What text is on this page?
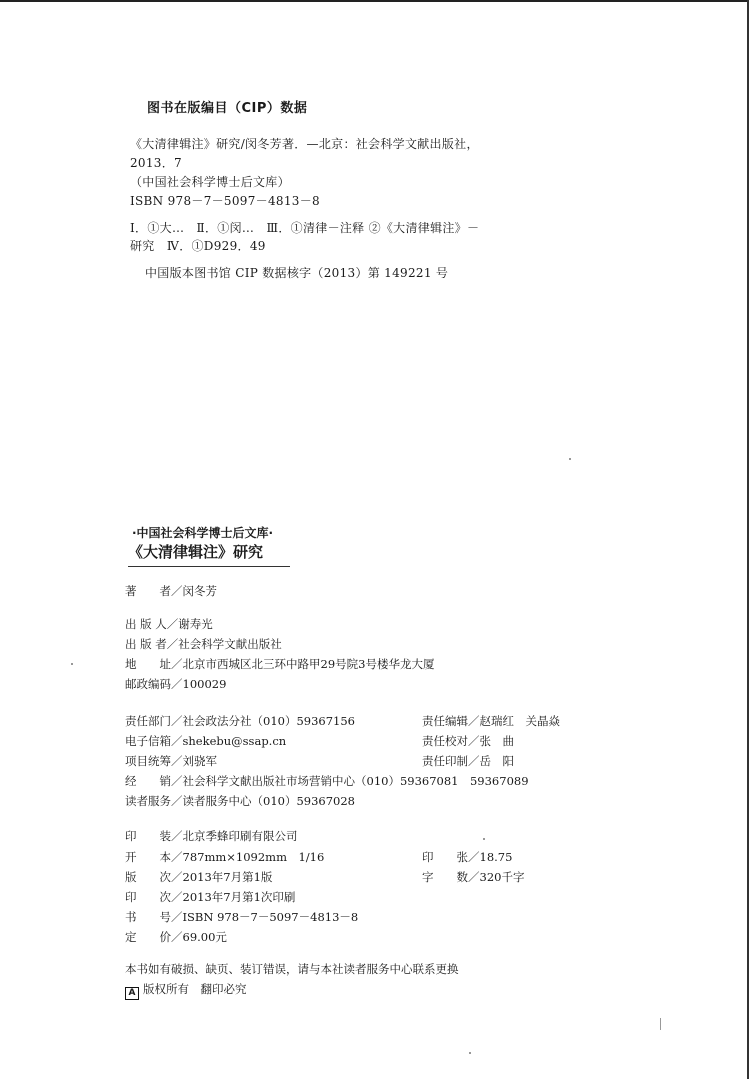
图书在版编目（CIP）数据
《大清律辑注》研究/闵冬芳著．—北京：社会科学文献出版社，
2013．7
（中国社会科学博士后文库）
ISBN 978－7－5097－4813－8
Ⅰ．①大…　Ⅱ．①闵…　Ⅲ．①清律－注释 ②《大清律辑注》－
研究　Ⅳ．①D929．49
中国版本图书馆 CIP 数据核字（2013）第 149221 号
·中国社会科学博士后文库·
《大清律辑注》研究
著　　者／闵冬芳
出 版 人／谢寿光
出 版 者／社会科学文献出版社
地　　址／北京市西城区北三环中路甲29号院3号楼华龙大厦
邮政编码／100029
责任部门／社会政法分社（010）59367156	责任编辑／赵瑞红　关晶焱
电子信箱／shekebu@ssap.cn	责任校对／张　曲
项目统筹／刘骁军	责任印制／岳　阳
经　　销／社会科学文献出版社市场营销中心（010）59367081　59367089
读者服务／读者服务中心（010）59367028
印　　装／北京季蜂印刷有限公司
开　　本／787mm×1092mm　1/16	印　　张／18.75
版　　次／2013年7月第1版	字　　数／320千字
印　　次／2013年7月第1次印刷
书　　号／ISBN 978－7－5097－4813－8
定　　价／69.00元
本书如有破损、缺页、装订错误，请与本社读者服务中心联系更换
A 版权所有　翻印必究
